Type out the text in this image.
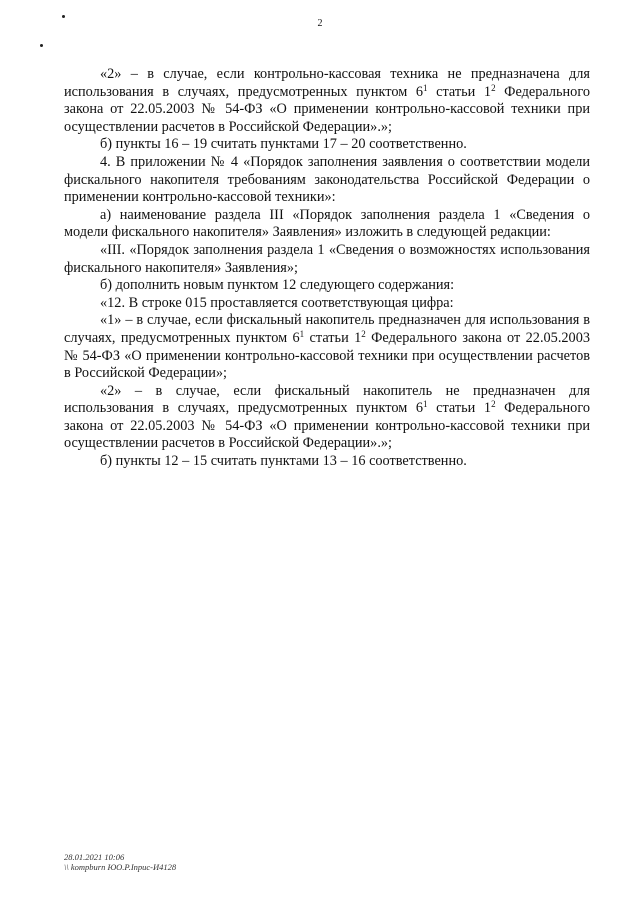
2

«2» – в случае, если контрольно-кассовая техника не предназначена для использования в случаях, предусмотренных пунктом $6^1$ статьи $1^2$ Федерального закона от 22.05.2003 № 54-ФЗ «О применении контрольно-кассовой техники при осуществлении расчетов в Российской Федерации».»;

б) пункты 16 – 19 считать пунктами 17 – 20 соответственно.

4. В приложении № 4 «Порядок заполнения заявления о соответствии модели фискального накопителя требованиям законодательства Российской Федерации о применении контрольно-кассовой техники»:

а) наименование раздела III «Порядок заполнения раздела 1 «Сведения о модели фискального накопителя» Заявления» изложить в следующей редакции:

«III. «Порядок заполнения раздела 1 «Сведения о возможностях использования фискального накопителя» Заявления»;

б) дополнить новым пунктом 12 следующего содержания:

«12. В строке 015 проставляется соответствующая цифра:

«1» – в случае, если фискальный накопитель предназначен для использования в случаях, предусмотренных пунктом $6^1$ статьи $1^2$ Федерального закона от 22.05.2003 № 54-ФЗ «О применении контрольно-кассовой техники при осуществлении расчетов в Российской Федерации»;

«2» – в случае, если фискальный накопитель не предназначен для использования в случаях, предусмотренных пунктом $6^1$ статьи $1^2$ Федерального закона от 22.05.2003 № 54-ФЗ «О применении контрольно-кассовой техники при осуществлении расчетов в Российской Федерации».»;

б) пункты 12 – 15 считать пунктами 13 – 16 соответственно.

28.01.2021 10:06
\\ kompburn ЮО.Р.Inpис-И4128
